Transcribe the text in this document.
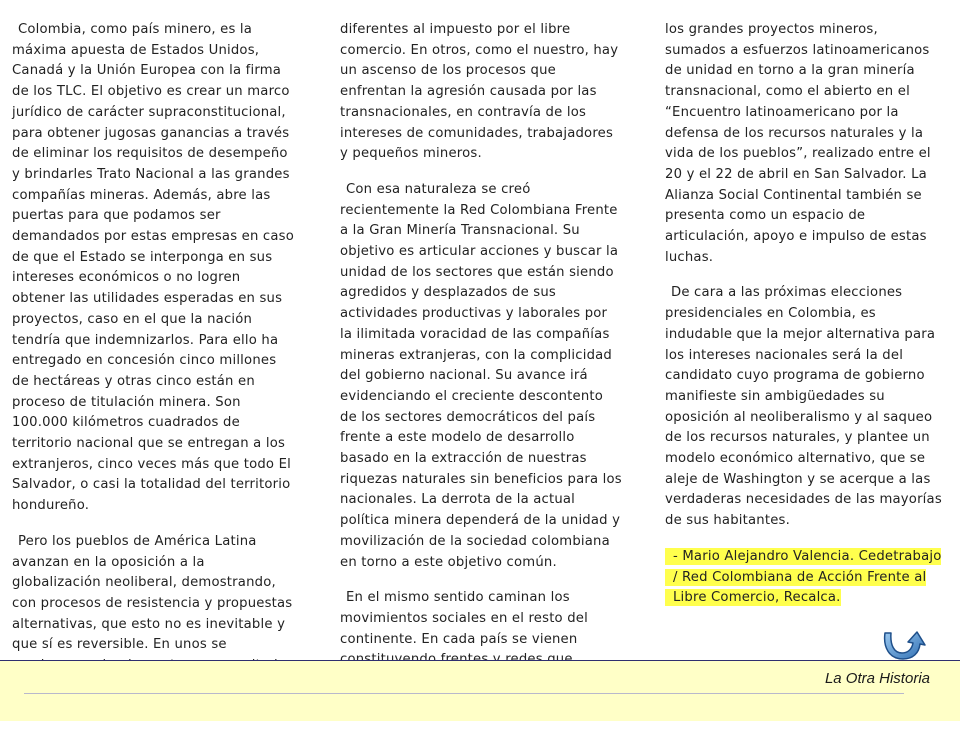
Colombia, como país minero, es la máxima apuesta de Estados Unidos, Canadá y la Unión Europea con la firma de los TLC. El objetivo es crear un marco jurídico de carácter supraconstitucional, para obtener jugosas ganancias a través de eliminar los requisitos de desempeño y brindarles Trato Nacional a las grandes compañías mineras. Además, abre las puertas para que podamos ser demandados por estas empresas en caso de que el Estado se interponga en sus intereses económicos o no logren obtener las utilidades esperadas en sus proyectos, caso en el que la nación tendría que indemnizarlos. Para ello ha entregado en concesión cinco millones de hectáreas y otras cinco están en proceso de titulación minera. Son 100.000 kilómetros cuadrados de territorio nacional que se entregan a los extranjeros, cinco veces más que todo El Salvador, o casi la totalidad del territorio hondureño.

Pero los pueblos de América Latina avanzan en la oposición a la globalización neoliberal, demostrando, con procesos de resistencia y propuestas alternativas, que esto no es inevitable y que sí es reversible. En unos se

diferentes al impuesto por el libre comercio. En otros, como el nuestro, hay un ascenso de los procesos que enfrentan la agresión causada por las transnacionales, en contravía de los intereses de comunidades, trabajadores y pequeños mineros.

Con esa naturaleza se creó recientemente la Red Colombiana Frente a la Gran Minería Transnacional. Su objetivo es articular acciones y buscar la unidad de los sectores que están siendo agredidos y desplazados de sus actividades productivas y laborales por la ilimitada voracidad de las compañías mineras extranjeras, con la complicidad del gobierno nacional. Su avance irá evidenciando el creciente descontento de los sectores democráticos del país frente a este modelo de desarrollo basado en la extracción de nuestras riquezas naturales sin beneficios para los nacionales. La derrota de la actual política minera dependerá de la unidad y movilización de la sociedad colombiana en torno a este objetivo común.

En el mismo sentido caminan los movimientos sociales en el resto del continente. En cada país se vienen

los grandes proyectos mineros, sumados a esfuerzos latinoamericanos de unidad en torno a la gran minería transnacional, como el abierto en el “Encuentro latinoamericano por la defensa de los recursos naturales y la vida de los pueblos”, realizado entre el 20 y el 22 de abril en San Salvador. La Alianza Social Continental también se presenta como un espacio de articulación, apoyo e impulso de estas luchas.

De cara a las próximas elecciones presidenciales en Colombia, es indudable que la mejor alternativa para los intereses nacionales será la del candidato cuyo programa de gobierno manifieste sin ambigüedades su oposición al neoliberalismo y al saqueo de los recursos naturales, y plantee un modelo económico alternativo, que se aleje de Washington y se acerque a las verdaderas necesidades de las mayorías de sus habitantes.

- Mario Alejandro Valencia. Cedetrabajo / Red Colombiana de Acción Frente al Libre Comercio, Recalca.

La Otra Historia
